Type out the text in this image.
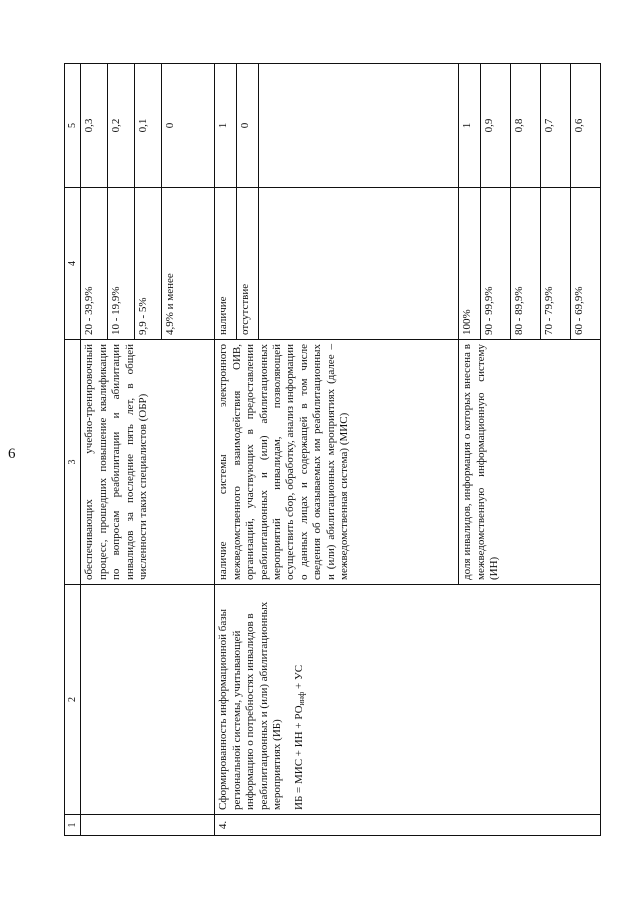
6
1	2	3	4	5
		обеспечивающих учебно-тренировочный процесс, прошедших повышение квалификации по вопросам реабилитации и абилитации инвалидов за последние пять лет, в общей численности таких специалистов (ОБР)	20 - 39,9%	0,3
			10 - 19,9%	0,2
			9,9 - 5%	0,1
			4,9% и менее	0
4.	Сформированность информационной базы региональной системы, учитывающей информацию о потребностях инвалидов в реабилитационных и (или) абилитационных мероприятиях (ИБ) ИБ = МИС + ИН + $РО_{инф}$ + УС	наличие системы электронного межведомственного взаимодействия ОИВ, организаций, участвующих в предоставлении реабилитационных и (или) абилитационных мероприятий инвалидам, позволяющей осуществить сбор, обработку, анализ информации о данных лицах и содержащей в том числе сведения об оказываемых им реабилитационных и (или) абилитационных мероприятиях (далее – межведомственная система) (МИС)	наличие	1
			отсутствие	0

		доля инвалидов, информация о которых внесена в межведомственную информационную систему (ИН)	100%	1
			90 - 99,9%	0,9
			80 - 89,9%	0,8
			70 - 79,9%	0,7
			60 - 69,9%	0,6
